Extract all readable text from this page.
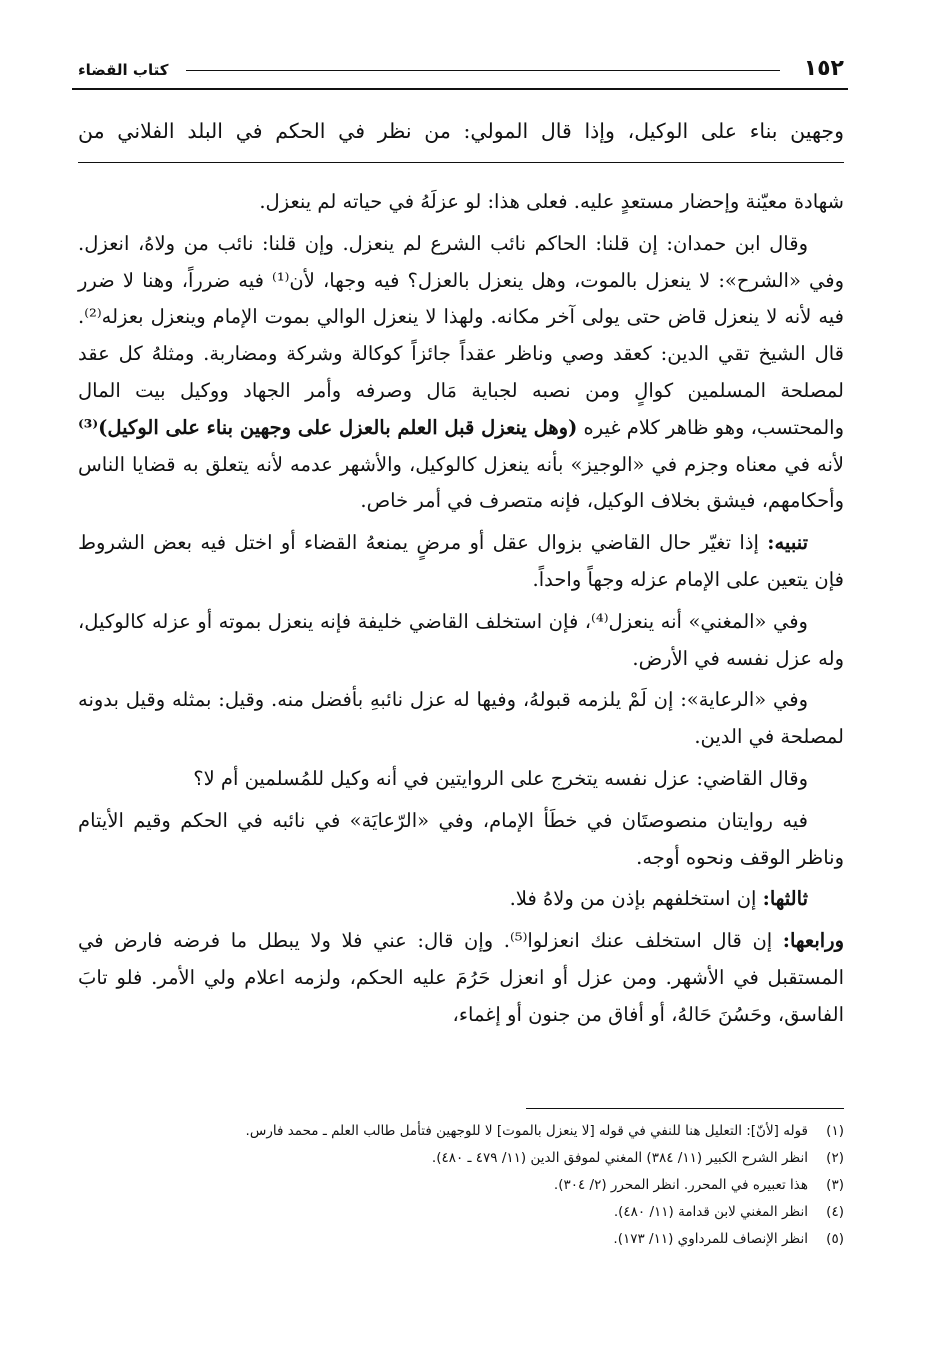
١٥٢
كتاب القضاء
وجهين بناء على الوكيل، وإذا قال المولي: من نظر في الحكم في البلد الفلاني من

شهادة معيّنة وإحضار مستعدٍ عليه. فعلى هذا: لو عزلَهُ في حياته لم ينعزل.

وقال ابن حمدان: إن قلنا: الحاكم نائب الشرع لم ينعزل. وإن قلنا: نائب من ولاهُ، انعزل. وفي «الشرح»: لا ينعزل بالموت، وهل ينعزل بالعزل؟ فيه وجها، لأن⁽¹⁾ فيه ضرراً، وهنا لا ضرر فيه لأنه لا ينعزل قاض حتى يولى آخر مكانه. ولهذا لا ينعزل الوالي بموت الإمام وينعزل بعزله⁽²⁾. قال الشيخ تقي الدين: كعقد وصي وناظر عقداً جائزاً كوكالة وشركة ومضاربة. ومثلهُ كل عقد لمصلحة المسلمين كوالٍ ومن نصبه لجباية مَال وصرفه وأمر الجهاد ووكيل بيت المال والمحتسب، وهو ظاهر كلام غيره (وهل ينعزل قبل العلم بالعزل على وجهين بناء على الوكيل)⁽³⁾ لأنه في معناه وجزم في «الوجيز» بأنه ينعزل كالوكيل، والأشهر عدمه لأنه يتعلق به قضايا الناس وأحكامهم، فيشق بخلاف الوكيل، فإنه متصرف في أمر خاص.

تنبيه: إذا تغيّر حال القاضي بزوال عقل أو مرضٍ يمنعهُ القضاء أو اختل فيه بعض الشروط فإن يتعين على الإمام عزله وجهاً واحداً.

وفي «المغني» أنه ينعزل⁽⁴⁾، فإن استخلف القاضي خليفة فإنه ينعزل بموته أو عزله كالوكيل، وله عزل نفسه في الأرض.

وفي «الرعاية»: إن لَمْ يلزمه قبولهُ، وفيها له عزل نائبهِ بأفضل منه. وقيل: بمثله وقيل بدونه لمصلحة في الدين.

وقال القاضي: عزل نفسه يتخرج على الروايتين في أنه وكيل للمُسلمين أم لا؟

فيه روايتان منصوصتَان في خطَأ الإمام، وفي «الرّعايَة» في نائبه في الحكم وقيم الأيتام وناظر الوقف ونحوه أوجه.

ثالثها: إن استخلفهم بإذن من ولاهُ فلا.

ورابعها: إن قال استخلف عنك انعزلوا⁽⁵⁾. وإن قال: عني فلا ولا يبطل ما فرضه فارض في المستقبل في الأشهر. ومن عزل أو انعزل حَرُمَ عليه الحكم، ولزمه اعلام ولي الأمر. فلو تابَ الفاسق، وحَسُنَ حَالهُ، أو أفاق من جنون أو إغماء،

(١)
قوله [لأنّ]: التعليل هنا للنفي في قوله [لا ينعزل بالموت] لا للوجهين فتأمل طالب العلم ـ محمد فارس.
(٢)
انظر الشرح الكبير (١١/ ٣٨٤) المغني لموفق الدين (١١/ ٤٧٩ ـ ٤٨٠).
(٣)
هذا تعبيره في المحرر. انظر المحرر (٢/ ٣٠٤).
(٤)
انظر المغني لابن قدامة (١١/ ٤٨٠).
(٥)
انظر الإنصاف للمرداوي (١١/ ١٧٣).
